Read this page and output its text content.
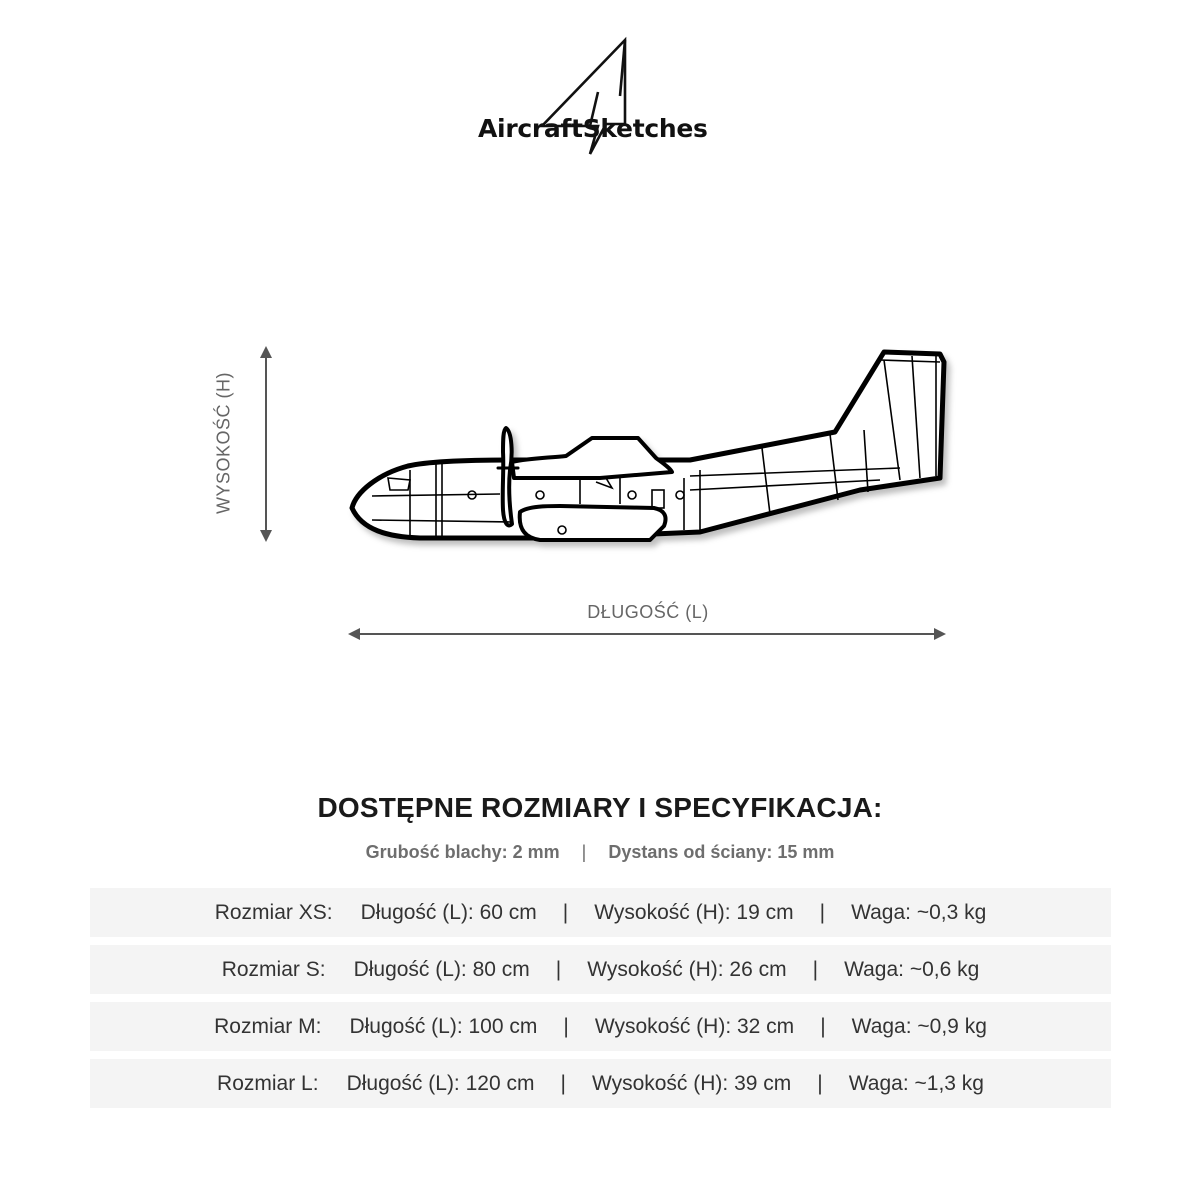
AircraftSketches
WYSOKOŚĆ (H)
DŁUGOŚĆ (L)
DOSTĘPNE ROZMIARY I SPECYFIKACJA:
Grubość blachy: 2 mm | Dystans od ściany: 15 mm
Rozmiar XS: Długość (L): 60 cm | Wysokość (H): 19 cm | Waga: ~0,3 kg
Rozmiar S: Długość (L): 80 cm | Wysokość (H): 26 cm | Waga: ~0,6 kg
Rozmiar M: Długość (L): 100 cm | Wysokość (H): 32 cm | Waga: ~0,9 kg
Rozmiar L: Długość (L): 120 cm | Wysokość (H): 39 cm | Waga: ~1,3 kg
